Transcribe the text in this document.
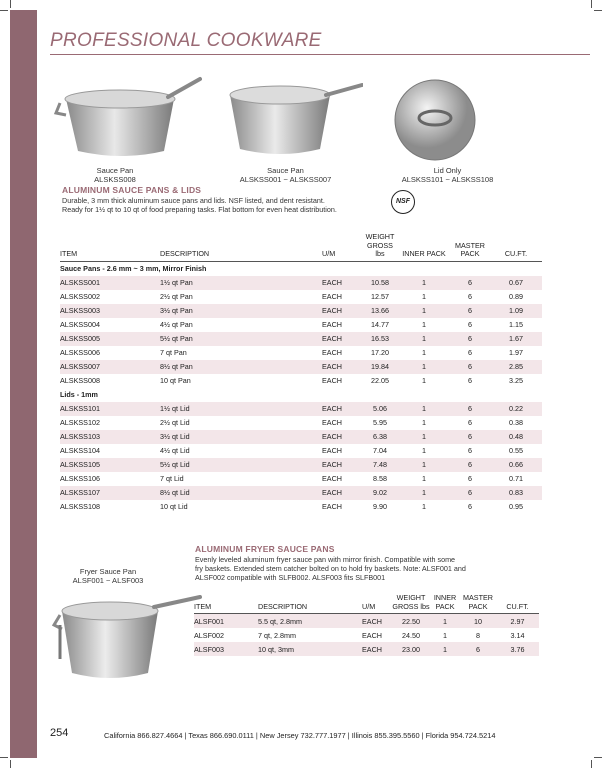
PROFESSIONAL COOKWARE
Sauce Pan
ALSKSS008
Sauce Pan
ALSKSS001 ~ ALSKSS007
Lid Only
ALSKSS101 ~ ALSKSS108
ALUMINUM SAUCE PANS & LIDS
Durable, 3 mm thick aluminum sauce pans and lids. NSF listed, and dent resistant.
Ready for 1½ qt to 10 qt of food preparing tasks. Flat bottom for even heat distribution.
NSF
ITEM	DESCRIPTION	U/M	WEIGHT GROSS lbs	INNER PACK	MASTER PACK	CU.FT.
Sauce Pans - 2.6 mm ~ 3 mm, Mirror Finish						
ALSKSS001	1½ qt Pan	EACH	10.58	1	6	0.67
ALSKSS002	2½ qt Pan	EACH	12.57	1	6	0.89
ALSKSS003	3½ qt Pan	EACH	13.66	1	6	1.09
ALSKSS004	4½ qt Pan	EACH	14.77	1	6	1.15
ALSKSS005	5½ qt Pan	EACH	16.53	1	6	1.67
ALSKSS006	7 qt Pan	EACH	17.20	1	6	1.97
ALSKSS007	8½ qt Pan	EACH	19.84	1	6	2.85
ALSKSS008	10 qt Pan	EACH	22.05	1	6	3.25
Lids - 1mm						
ALSKSS101	1½ qt Lid	EACH	5.06	1	6	0.22
ALSKSS102	2½ qt Lid	EACH	5.95	1	6	0.38
ALSKSS103	3½ qt Lid	EACH	6.38	1	6	0.48
ALSKSS104	4½ qt Lid	EACH	7.04	1	6	0.55
ALSKSS105	5½ qt Lid	EACH	7.48	1	6	0.66
ALSKSS106	7 qt Lid	EACH	8.58	1	6	0.71
ALSKSS107	8½ qt Lid	EACH	9.02	1	6	0.83
ALSKSS108	10 qt Lid	EACH	9.90	1	6	0.95
Fryer Sauce Pan
ALSF001 ~ ALSF003
ALUMINUM FRYER SAUCE PANS
Evenly leveled aluminum fryer sauce pan with mirror finish. Compatible with some
fry baskets. Extended stem catcher bolted on to hold fry baskets. Note: ALSF001 and
ALSF002 compatible with SLFB002. ALSF003 fits SLFB001
ITEM	DESCRIPTION	U/M	WEIGHT GROSS lbs	INNER PACK	MASTER PACK	CU.FT.
ALSF001	5.5 qt, 2.8mm	EACH	22.50	1	10	2.97
ALSF002	7 qt, 2.8mm	EACH	24.50	1	8	3.14
ALSF003	10 qt, 3mm	EACH	23.00	1	6	3.76
254	California 866.827.4664 | Texas 866.690.0111 | New Jersey 732.777.1977 | Illinois 855.395.5560 | Florida 954.724.5214
